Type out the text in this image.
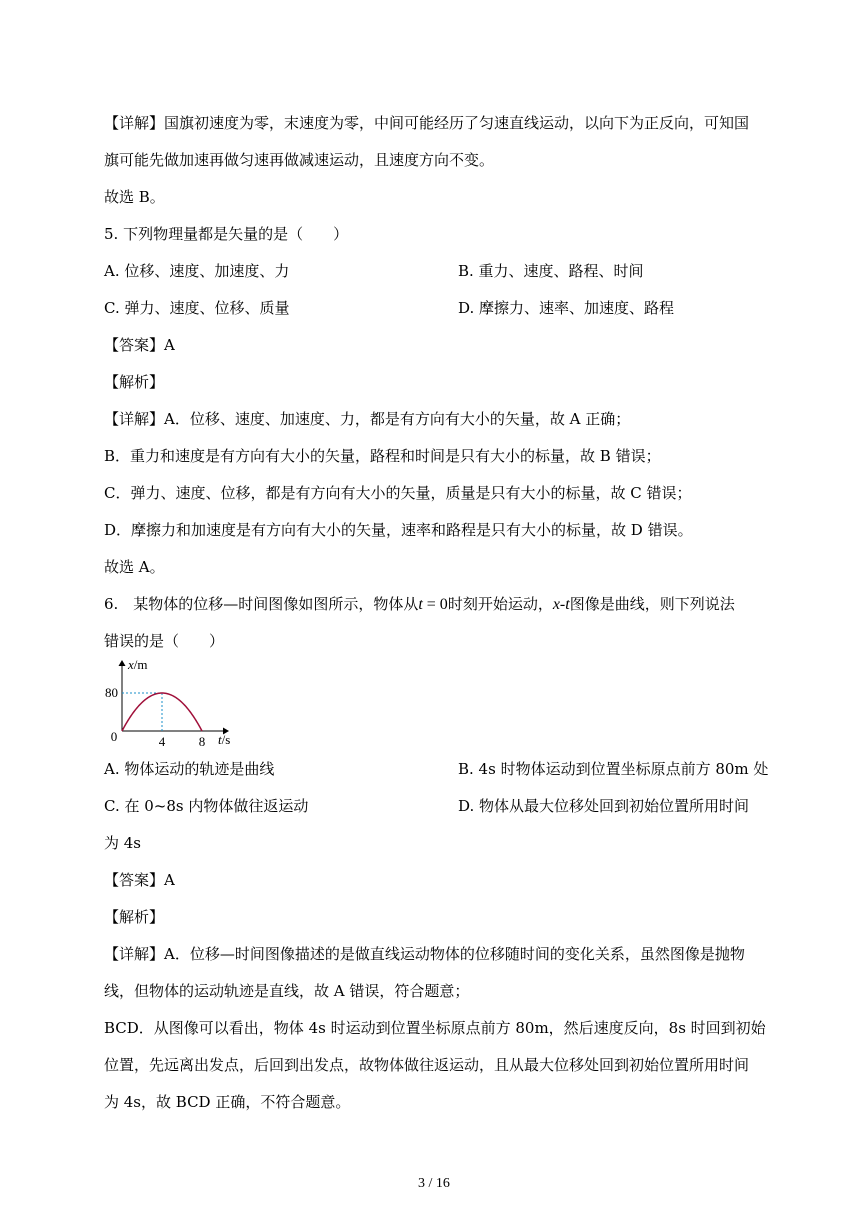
【详解】国旗初速度为零，末速度为零，中间可能经历了匀速直线运动，以向下为正反向，可知国
旗可能先做加速再做匀速再做减速运动，且速度方向不变。
故选 B。
5. 下列物理量都是矢量的是（　　）
A. 位移、速度、加速度、力	B. 重力、速度、路程、时间
C. 弹力、速度、位移、质量	D. 摩擦力、速率、加速度、路程
【答案】A
【解析】
【详解】A．位移、速度、加速度、力，都是有方向有大小的矢量，故 A 正确；
B．重力和速度是有方向有大小的矢量，路程和时间是只有大小的标量，故 B 错误；
C．弹力、速度、位移，都是有方向有大小的矢量，质量是只有大小的标量，故 C 错误；
D．摩擦力和加速度是有方向有大小的矢量，速率和路程是只有大小的标量，故 D 错误。
故选 A。
6.　某物体的位移—时间图像如图所示，物体从t = 0时刻开始运动，x-t图像是曲线，则下列说法
错误的是（　　）
0
80
4	8
x/m
t/s
A. 物体运动的轨迹是曲线	B. 4s 时物体运动到位置坐标原点前方 80m 处
C. 在 0~8s 内物体做往返运动	D. 物体从最大位移处回到初始位置所用时间
为 4s
【答案】A
【解析】
【详解】A．位移—时间图像描述的是做直线运动物体的位移随时间的变化关系，虽然图像是抛物
线，但物体的运动轨迹是直线，故 A 错误，符合题意；
BCD．从图像可以看出，物体 4s 时运动到位置坐标原点前方 80m，然后速度反向，8s 时回到初始
位置，先远离出发点，后回到出发点，故物体做往返运动，且从最大位移处回到初始位置所用时间
为 4s，故 BCD 正确，不符合题意。
3 / 16
